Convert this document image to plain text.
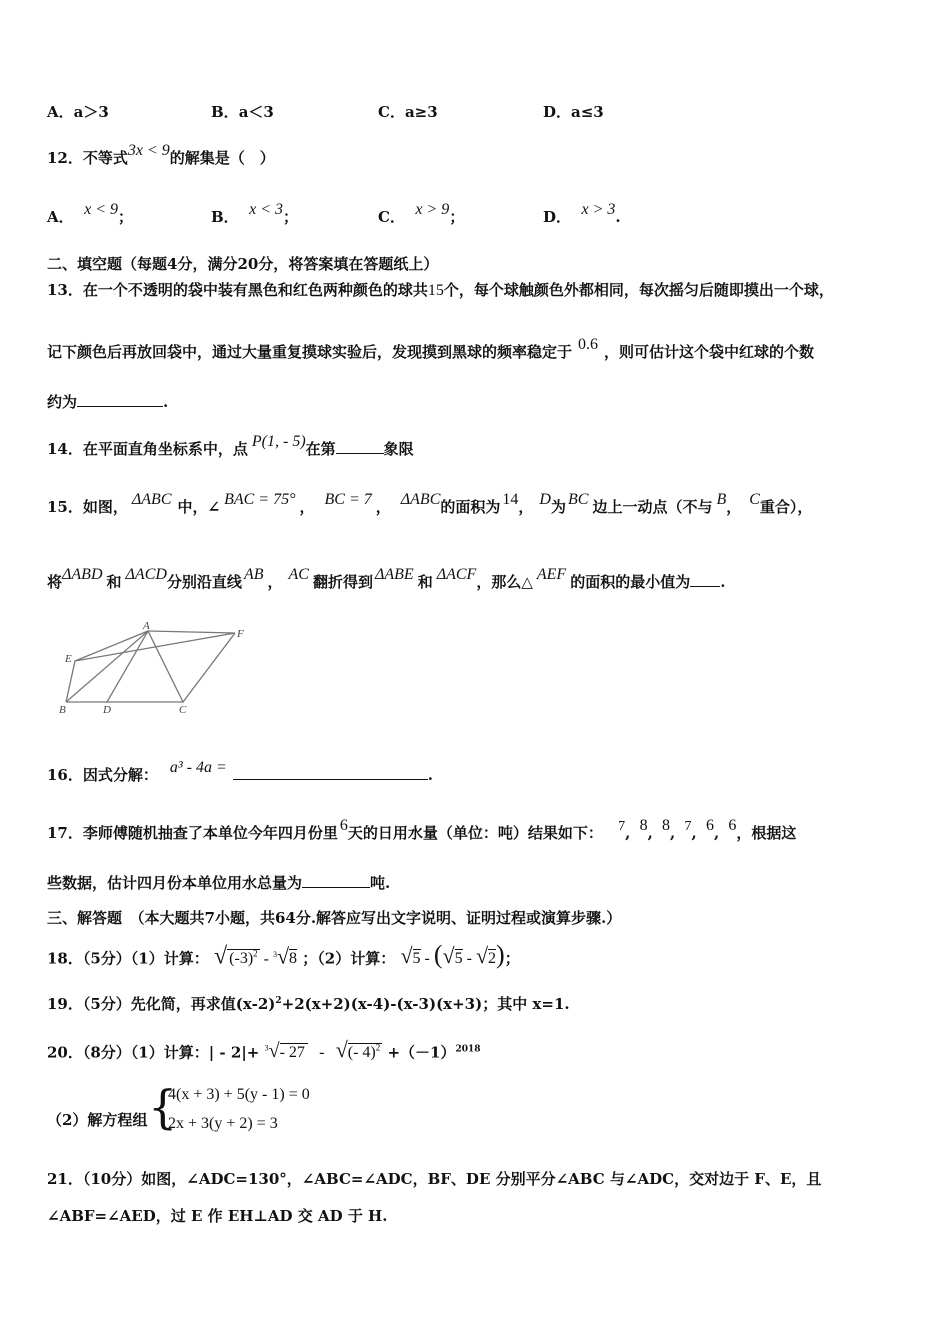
A．a＞3	B．a＜3	C．a≥3	D．a≤3
12．不等式3x < 9的解集是（　）
A． x < 9；	B． x < 3；	C． x > 9；	D． x > 3.
二、填空题（每题4分，满分20分，将答案填在答题纸上）
13．在一个不透明的袋中装有黑色和红色两种颜色的球共15个，每个球触颜色外都相同，每次摇匀后随即摸出一个球，
记下颜色后再放回袋中，通过大量重复摸球实验后，发现摸到黑球的频率稳定于 0.6 ，则可估计这个袋中红球的个数
约为	.
14．在平面直角坐标系中，点 P(1, - 5)在第	象限
15．如图， ΔABC 中，∠ BAC = 75° ， BC = 7 ， ΔABC的面积为 14， D为 BC 边上一动点（不与 B， C重合），
将ΔABD 和 ΔACD分别沿直线 AB ， AC 翻折得到 ΔABE 和 ΔACF，那么△ AEF 的面积的最小值为 .
A
F
E
B	D	C
16．因式分解： a³ - 4a =	.
17．李师傅随机抽查了本单位今年四月份里 6天的日用水量（单位：吨）结果如下： 7, 8, 8, 7, 6, 6，根据这
些数据，估计四月份本单位用水总量为	吨.
三、解答题　（本大题共7小题，共64分.解答应写出文字说明、证明过程或演算步骤.）
18．（5分）（1）计算： √ $(-3)^2 - ^3√8$ ；（2）计算： √5 - (√5 - √2)；
19．（5分）先化简，再求值$(x-2)^2+2(x+2)(x-4)-(x-3)(x+3)$；其中 x=1.
20．（8分）（1）计算：| - 2|+ $^3$√- 27 - √(- $4)^2 +(-1)^{2018}$
（2）解方程组 {
4(x + 3) + 5(y - 1) = 0
2x + 3(y + 2) = 3
21．（10分）如图，∠ADC=130°，∠ABC=∠ADC，BF、DE 分别平分∠ABC 与∠ADC，交对边于 F、E，且
∠ABF=∠AED，过 E 作 EH⊥AD 交 AD 于 H.
